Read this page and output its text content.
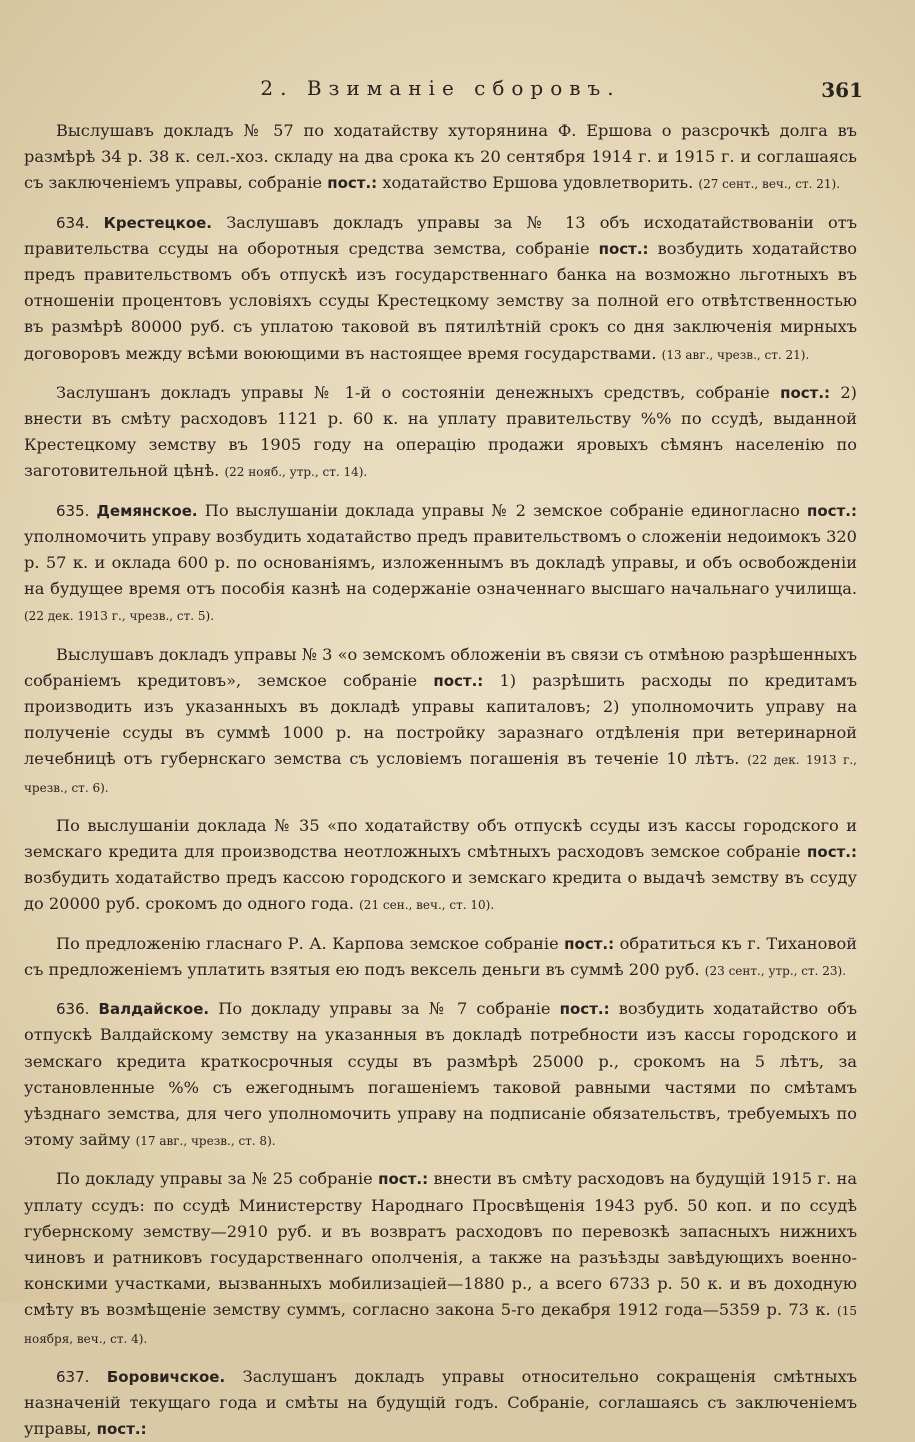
2. Взиманіе сборовъ.	361

Выслушавъ докладъ № 57 по ходатайству хуторянина Ф. Ершова о разсрочкѣ долга въ размѣрѣ 34 р. 38 к. сел.-хоз. складу на два срока къ 20 сентября 1914 г. и 1915 г. и соглашаясь съ заключеніемъ управы, собраніе пост.: ходатайство Ершова удовлетворить. (27 сент., веч., ст. 21).

634. Крестецкое. Заслушавъ докладъ управы за № 13 объ исходатайствованіи отъ правительства ссуды на оборотныя средства земства, собраніе пост.: возбудить ходатайство предъ правительствомъ объ отпускѣ изъ государственнаго банка на возможно льготныхъ въ отношеніи процентовъ условіяхъ ссуды Крестецкому земству за полной его отвѣтственностью въ размѣрѣ 80000 руб. съ уплатою таковой въ пятилѣтній срокъ со дня заключенія мирныхъ договоровъ между всѣми воюющими въ настоящее время государствами. (13 авг., чрезв., ст. 21).

Заслушанъ докладъ управы № 1-й о состояніи денежныхъ средствъ, собраніе пост.: 2) внести въ смѣту расходовъ 1121 р. 60 к. на уплату правительству %% по ссудѣ, выданной Крестецкому земству въ 1905 году на операцію продажи яровыхъ сѣмянъ населенію по заготовительной цѣнѣ. (22 нояб., утр., ст. 14).

635. Демянское. По выслушаніи доклада управы № 2 земское собраніе единогласно пост.: уполномочить управу возбудить ходатайство предъ правительствомъ о сложеніи недоимокъ 320 р. 57 к. и оклада 600 р. по основаніямъ, изложеннымъ въ докладѣ управы, и объ освобожденіи на будущее время отъ пособія казнѣ на содержаніе означеннаго высшаго начальнаго училища. (22 дек. 1913 г., чрезв., ст. 5).

Выслушавъ докладъ управы № 3 «о земскомъ обложеніи въ связи съ отмѣною разрѣшенныхъ собраніемъ кредитовъ», земское собраніе пост.: 1) разрѣшить расходы по кредитамъ производить изъ указанныхъ въ докладѣ управы капиталовъ; 2) уполномочить управу на полученіе ссуды въ суммѣ 1000 р. на постройку заразнаго отдѣленія при ветеринарной лечебницѣ отъ губернскаго земства съ условіемъ погашенія въ теченіе 10 лѣтъ. (22 дек. 1913 г., чрезв., ст. 6).

По выслушаніи доклада № 35 «по ходатайству объ отпускѣ ссуды изъ кассы городского и земскаго кредита для производства неотложныхъ смѣтныхъ расходовъ земское собраніе пост.: возбудить ходатайство предъ кассою городского и земскаго кредита о выдачѣ земству въ ссуду до 20000 руб. срокомъ до одного года. (21 сен., веч., ст. 10).

По предложенію гласнаго Р. А. Карпова земское собраніе пост.: обратиться къ г. Тихановой съ предложеніемъ уплатить взятыя ею подъ вексель деньги въ суммѣ 200 руб. (23 сент., утр., ст. 23).

636. Валдайское. По докладу управы за № 7 собраніе пост.: возбудить ходатайство объ отпускѣ Валдайскому земству на указанныя въ докладѣ потребности изъ кассы городского и земскаго кредита краткосрочныя ссуды въ размѣрѣ 25000 р., срокомъ на 5 лѣтъ, за установленные %% съ ежегоднымъ погашеніемъ таковой равными частями по смѣтамъ уѣзднаго земства, для чего уполномочить управу на подписаніе обязательствъ, требуемыхъ по этому займу (17 авг., чрезв., ст. 8).

По докладу управы за № 25 собраніе пост.: внести въ смѣту расходовъ на будущій 1915 г. на уплату ссудъ: по ссудѣ Министерству Народнаго Просвѣщенія 1943 руб. 50 коп. и по ссудѣ губернскому земству—2910 руб. и въ возвратъ расходовъ по перевозкѣ запасныхъ нижнихъ чиновъ и ратниковъ государственнаго ополченія, а также на разъѣзды завѣдующихъ военно-конскими участками, вызванныхъ мобилизаціей—1880 р., а всего 6733 р. 50 к. и въ доходную смѣту въ возмѣщеніе земству суммъ, согласно закона 5-го декабря 1912 года—5359 р. 73 к. (15 ноября, веч., ст. 4).

637. Боровичское. Заслушанъ докладъ управы относительно сокращенія смѣтныхъ назначеній текущаго года и смѣты на будущій годъ. Собраніе, соглашаясь съ заключеніемъ управы, пост.:
